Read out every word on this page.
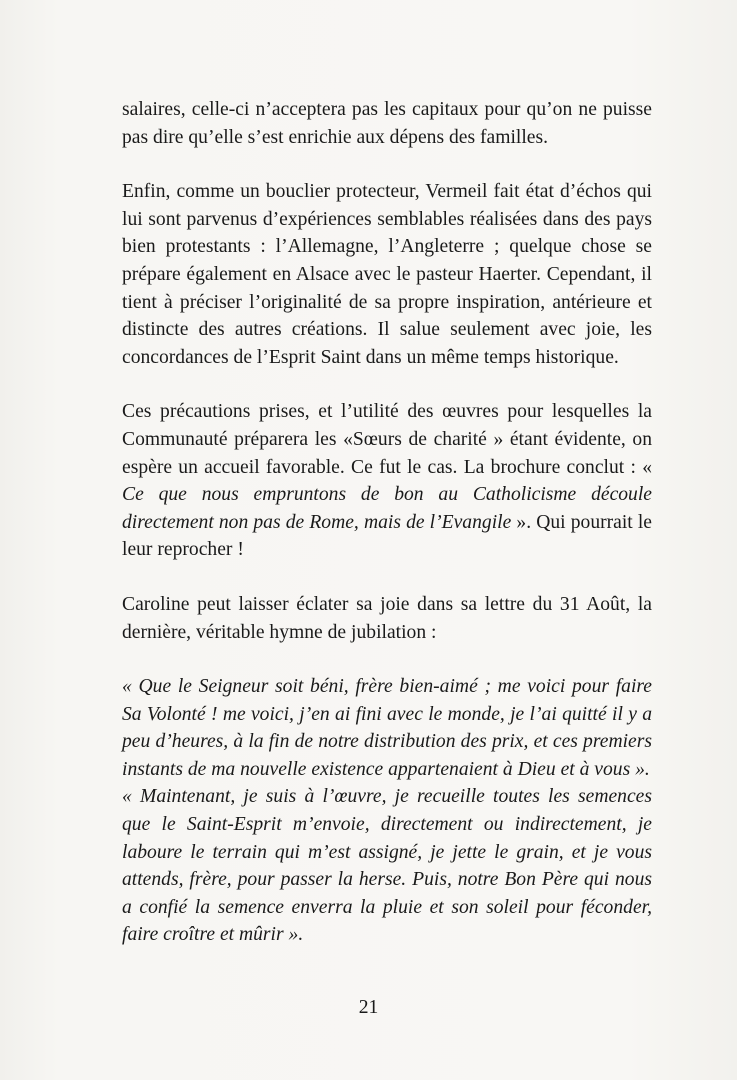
salaires, celle-ci n’acceptera pas les capitaux pour qu’on ne puisse pas dire qu’elle s’est enrichie aux dépens des familles.

Enfin, comme un bouclier protecteur, Vermeil fait état d’échos qui lui sont parvenus d’expériences semblables réalisées dans des pays bien protestants : l’Allemagne, l’Angleterre ; quelque chose se prépare également en Alsace avec le pasteur Haerter. Cependant, il tient à préciser l’originalité de sa propre inspiration, antérieure et distincte des autres créations. Il salue seulement avec joie, les concordances de l’Esprit Saint dans un même temps historique.

Ces précautions prises, et l’utilité des œuvres pour lesquelles la Communauté préparera les «Sœurs de charité » étant évidente, on espère un accueil favorable. Ce fut le cas. La brochure conclut : « Ce que nous empruntons de bon au Catholicisme découle directement non pas de Rome, mais de l’Evangile ». Qui pourrait le leur reprocher !

Caroline peut laisser éclater sa joie dans sa lettre du 31 Août, la dernière, véritable hymne de jubilation :

« Que le Seigneur soit béni, frère bien-aimé ; me voici pour faire Sa Volonté ! me voici, j’en ai fini avec le monde, je l’ai quitté il y a peu d’heures, à la fin de notre distribution des prix, et ces premiers instants de ma nouvelle existence appartenaient à Dieu et à vous ».

« Maintenant, je suis à l’œuvre, je recueille toutes les semences que le Saint-Esprit m’envoie, directement ou indirectement, je laboure le terrain qui m’est assigné, je jette le grain, et je vous attends, frère, pour passer la herse. Puis, notre Bon Père qui nous a confié la semence enverra la pluie et son soleil pour féconder, faire croître et mûrir ».

21
